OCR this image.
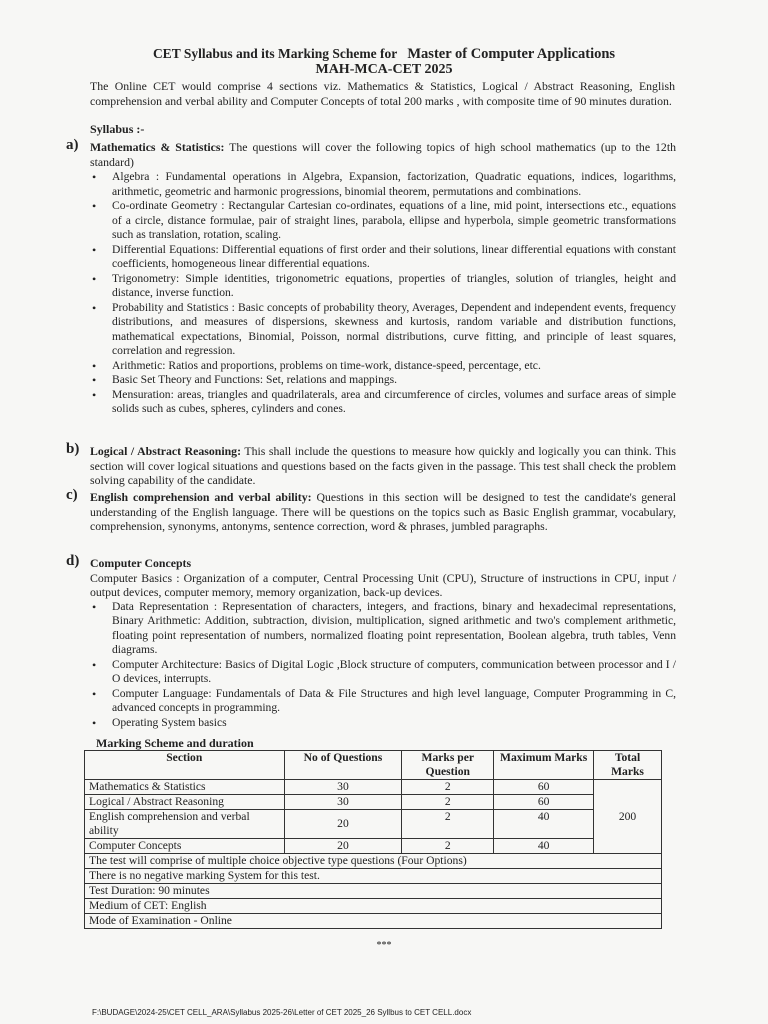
CET Syllabus and its Marking Scheme for Master of Computer Applications
MAH-MCA-CET 2025
The Online CET would comprise 4 sections viz. Mathematics & Statistics, Logical / Abstract Reasoning, English comprehension and verbal ability and Computer Concepts of total 200 marks , with composite time of 90 minutes duration.
Syllabus :-
a) Mathematics & Statistics: The questions will cover the following topics of high school mathematics (up to the 12th standard)
• Algebra : Fundamental operations in Algebra, Expansion, factorization, Quadratic equations, indices, logarithms, arithmetic, geometric and harmonic progressions, binomial theorem, permutations and combinations.
• Co-ordinate Geometry : Rectangular Cartesian co-ordinates, equations of a line, mid point, intersections etc., equations of a circle, distance formulae, pair of straight lines, parabola, ellipse and hyperbola, simple geometric transformations such as translation, rotation, scaling.
• Differential Equations: Differential equations of first order and their solutions, linear differential equations with constant coefficients, homogeneous linear differential equations.
• Trigonometry: Simple identities, trigonometric equations, properties of triangles, solution of triangles, height and distance, inverse function.
• Probability and Statistics : Basic concepts of probability theory, Averages, Dependent and independent events, frequency distributions, and measures of dispersions, skewness and kurtosis, random variable and distribution functions, mathematical expectations, Binomial, Poisson, normal distributions, curve fitting, and principle of least squares, correlation and regression.
• Arithmetic: Ratios and proportions, problems on time-work, distance-speed, percentage, etc.
• Basic Set Theory and Functions: Set, relations and mappings.
• Mensuration: areas, triangles and quadrilaterals, area and circumference of circles, volumes and surface areas of simple solids such as cubes, spheres, cylinders and cones.
b) Logical / Abstract Reasoning: This shall include the questions to measure how quickly and logically you can think. This section will cover logical situations and questions based on the facts given in the passage. This test shall check the problem solving capability of the candidate.
c) English comprehension and verbal ability: Questions in this section will be designed to test the candidate's general understanding of the English language. There will be questions on the topics such as Basic English grammar, vocabulary, comprehension, synonyms, antonyms, sentence correction, word & phrases, jumbled paragraphs.
d) Computer Concepts
Computer Basics : Organization of a computer, Central Processing Unit (CPU), Structure of instructions in CPU, input / output devices, computer memory, memory organization, back-up devices.
• Data Representation : Representation of characters, integers, and fractions, binary and hexadecimal representations, Binary Arithmetic: Addition, subtraction, division, multiplication, signed arithmetic and two's complement arithmetic, floating point representation of numbers, normalized floating point representation, Boolean algebra, truth tables, Venn diagrams.
• Computer Architecture: Basics of Digital Logic ,Block structure of computers, communication between processor and I / O devices, interrupts.
• Computer Language: Fundamentals of Data & File Structures and high level language, Computer Programming in C, advanced concepts in programming.
• Operating System basics
Marking Scheme and duration
Section	No of Questions	Marks per Question	Maximum Marks	Total Marks
Mathematics & Statistics	30	2	60	200
Logical / Abstract Reasoning	30	2	60	
English comprehension and verbal ability	20	2	40	
Computer Concepts	20	2	40	
The test will comprise of multiple choice objective type questions (Four Options)				
There is no negative marking System for this test.				
Test Duration: 90 minutes				
Medium of CET: English				
Mode of Examination - Online				
***
F:\BUDAGE\2024-25\CET CELL_ARA\Syllabus 2025-26\Letter of CET 2025_26 Syllbus to CET CELL.docx
